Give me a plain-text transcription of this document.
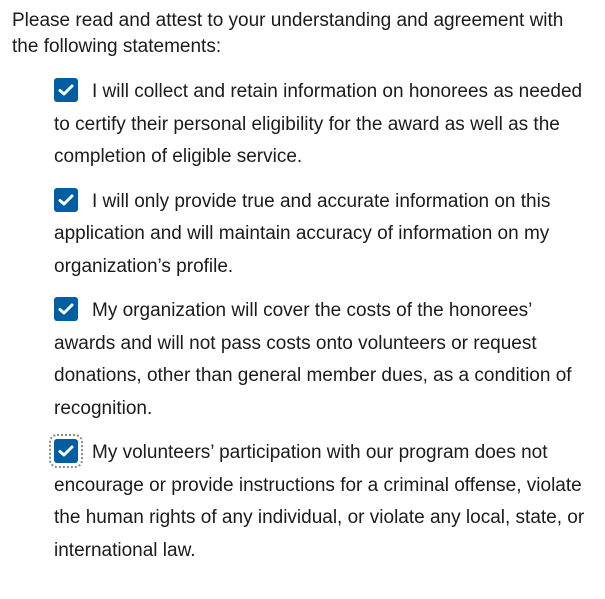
Please read and attest to your understanding and agreement with the following statements:

I will collect and retain information on honorees as needed to certify their personal eligibility for the award as well as the completion of eligible service.
I will only provide true and accurate information on this application and will maintain accuracy of information on my organization’s profile.
My organization will cover the costs of the honorees’ awards and will not pass costs onto volunteers or request donations, other than general member dues, as a condition of recognition.
My volunteers’ participation with our program does not encourage or provide instructions for a criminal offense, violate the human rights of any individual, or violate any local, state, or international law.
